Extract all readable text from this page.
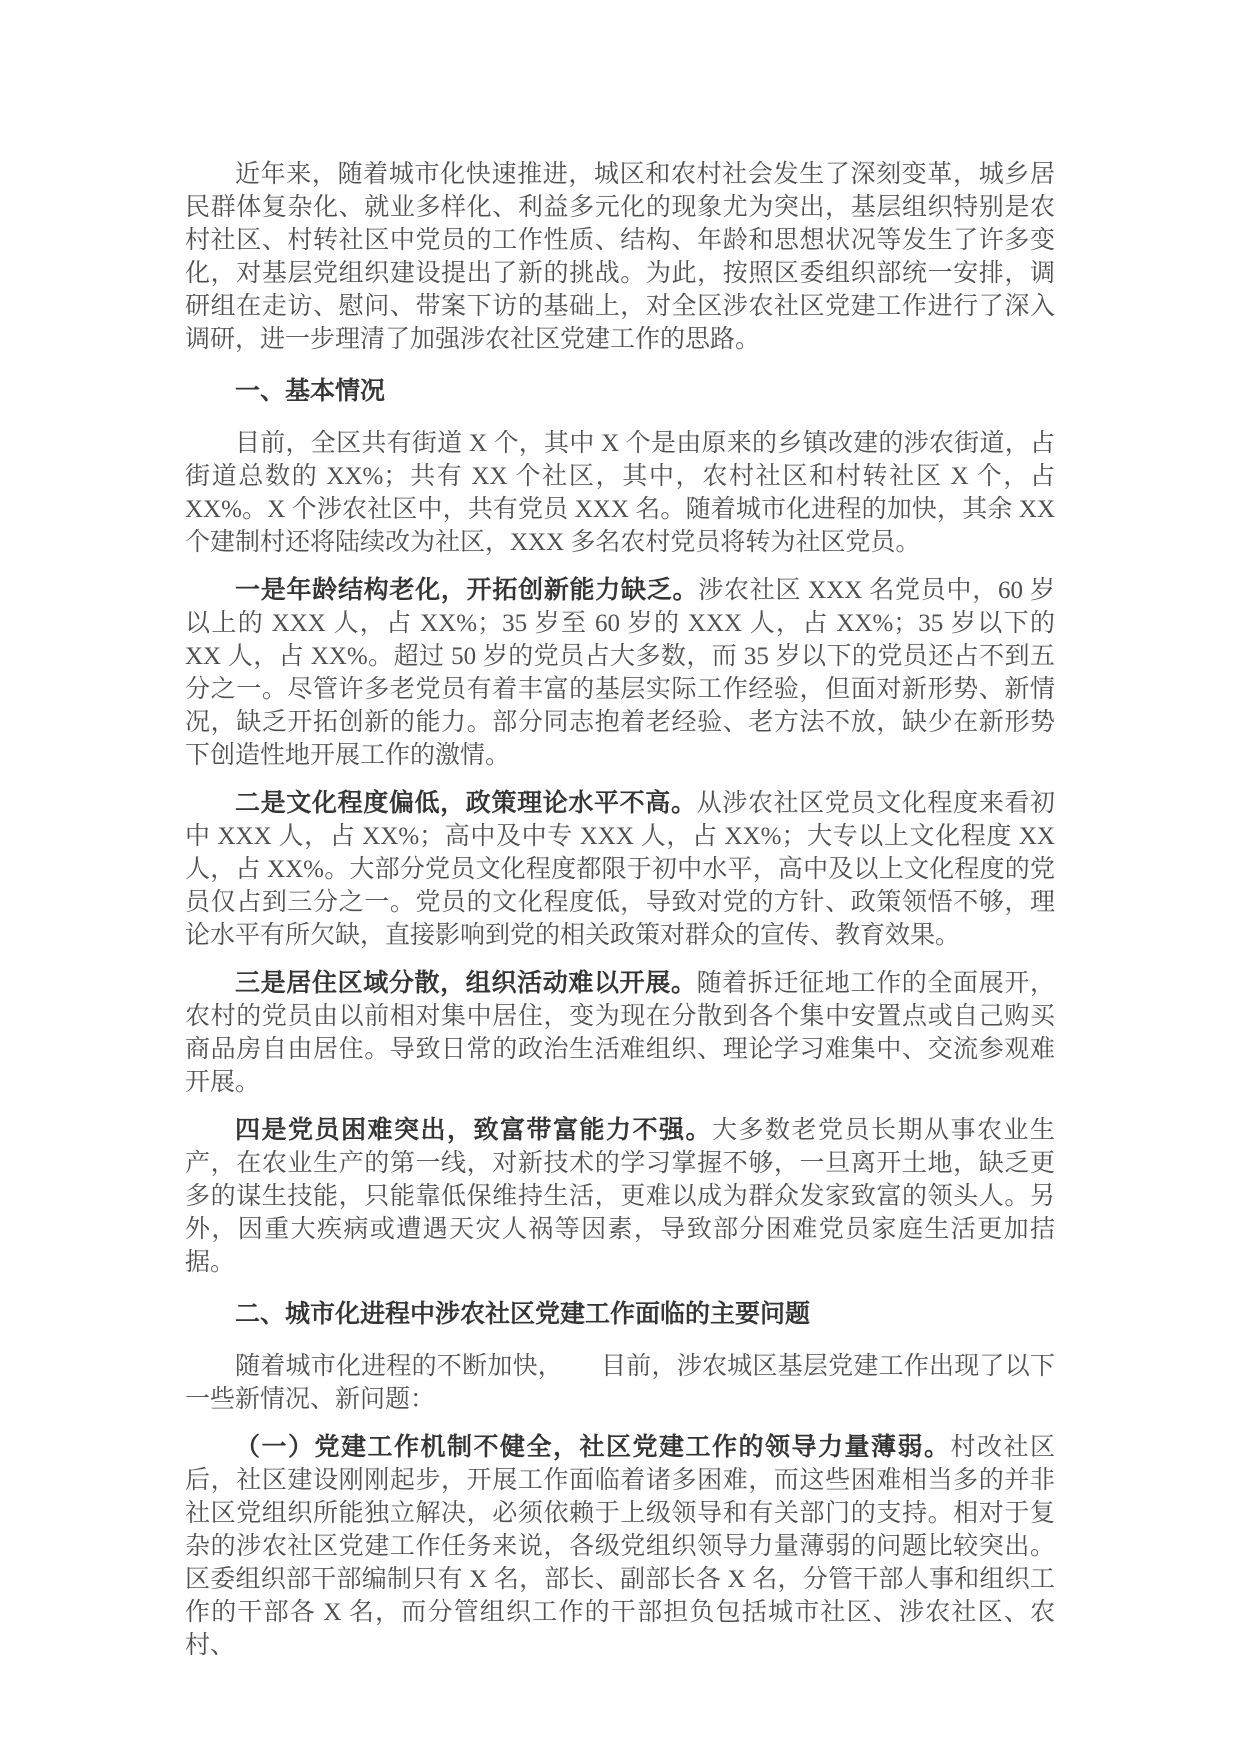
近年来，随着城市化快速推进，城区和农村社会发生了深刻变革，城乡居民群体复杂化、就业多样化、利益多元化的现象尤为突出，基层组织特别是农村社区、村转社区中党员的工作性质、结构、年龄和思想状况等发生了许多变化，对基层党组织建设提出了新的挑战。为此，按照区委组织部统一安排，调研组在走访、慰问、带案下访的基础上，对全区涉农社区党建工作进行了深入调研，进一步理清了加强涉农社区党建工作的思路。

一、基本情况

目前，全区共有街道 X 个，其中 X 个是由原来的乡镇改建的涉农街道，占街道总数的 XX%；共有 XX 个社区，其中，农村社区和村转社区 X 个，占 XX%。X 个涉农社区中，共有党员 XXX 名。随着城市化进程的加快，其余 XX 个建制村还将陆续改为社区，XXX 多名农村党员将转为社区党员。

一是年龄结构老化，开拓创新能力缺乏。涉农社区 XXX 名党员中，60 岁以上的 XXX 人，占 XX%；35 岁至 60 岁的 XXX 人，占 XX%；35 岁以下的 XX 人，占 XX%。超过 50 岁的党员占大多数，而 35 岁以下的党员还占不到五分之一。尽管许多老党员有着丰富的基层实际工作经验，但面对新形势、新情况，缺乏开拓创新的能力。部分同志抱着老经验、老方法不放，缺少在新形势下创造性地开展工作的激情。

二是文化程度偏低，政策理论水平不高。从涉农社区党员文化程度来看初中 XXX 人，占 XX%；高中及中专 XXX 人，占 XX%；大专以上文化程度 XX 人，占 XX%。大部分党员文化程度都限于初中水平，高中及以上文化程度的党员仅占到三分之一。党员的文化程度低，导致对党的方针、政策领悟不够，理论水平有所欠缺，直接影响到党的相关政策对群众的宣传、教育效果。

三是居住区域分散，组织活动难以开展。随着拆迁征地工作的全面展开，农村的党员由以前相对集中居住，变为现在分散到各个集中安置点或自己购买商品房自由居住。导致日常的政治生活难组织、理论学习难集中、交流参观难开展。

四是党员困难突出，致富带富能力不强。大多数老党员长期从事农业生产，在农业生产的第一线，对新技术的学习掌握不够，一旦离开土地，缺乏更多的谋生技能，只能靠低保维持生活，更难以成为群众发家致富的领头人。另外，因重大疾病或遭遇天灾人祸等因素，导致部分困难党员家庭生活更加拮据。

二、城市化进程中涉农社区党建工作面临的主要问题

随着城市化进程的不断加快，　　目前，涉农城区基层党建工作出现了以下一些新情况、新问题：

（一）党建工作机制不健全，社区党建工作的领导力量薄弱。村改社区后，社区建设刚刚起步，开展工作面临着诸多困难，而这些困难相当多的并非社区党组织所能独立解决，必须依赖于上级领导和有关部门的支持。相对于复杂的涉农社区党建工作任务来说，各级党组织领导力量薄弱的问题比较突出。区委组织部干部编制只有 X 名，部长、副部长各 X 名，分管干部人事和组织工作的干部各 X 名，而分管组织工作的干部担负包括城市社区、涉农社区、农村、
